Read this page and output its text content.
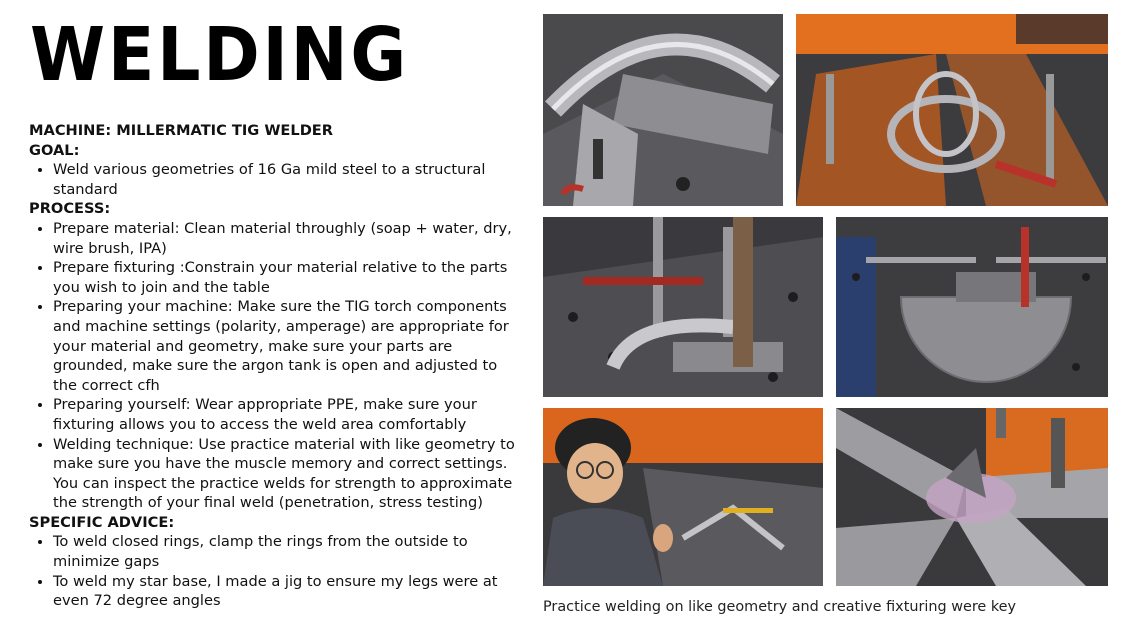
WELDING

MACHINE: MILLERMATIC TIG WELDER

GOAL:

• Weld various geometries of 16 Ga mild steel to a structural standard

PROCESS:

• Prepare material: Clean material throughly (soap + water, dry, wire brush, IPA)
• Prepare fixturing :Constrain your material relative to the parts you wish to join and the table
• Preparing your machine: Make sure the TIG torch components and machine settings (polarity, amperage) are appropriate for your material and geometry, make sure your parts are grounded, make sure the argon tank is open and adjusted to the correct cfh
• Preparing yourself: Wear appropriate PPE, make sure your fixturing allows you to access the weld area comfortably
• Welding technique: Use practice material with like geometry to make sure you have the muscle memory and correct settings. You can inspect the practice welds for strength to approximate the strength of your final weld (penetration, stress testing)

SPECIFIC ADVICE:

• To weld closed rings, clamp the rings from the outside to minimize gaps
• To weld my star base, I made a jig to ensure my legs were at even 72 degree angles	Practice welding on like geometry and creative fixturing were key
